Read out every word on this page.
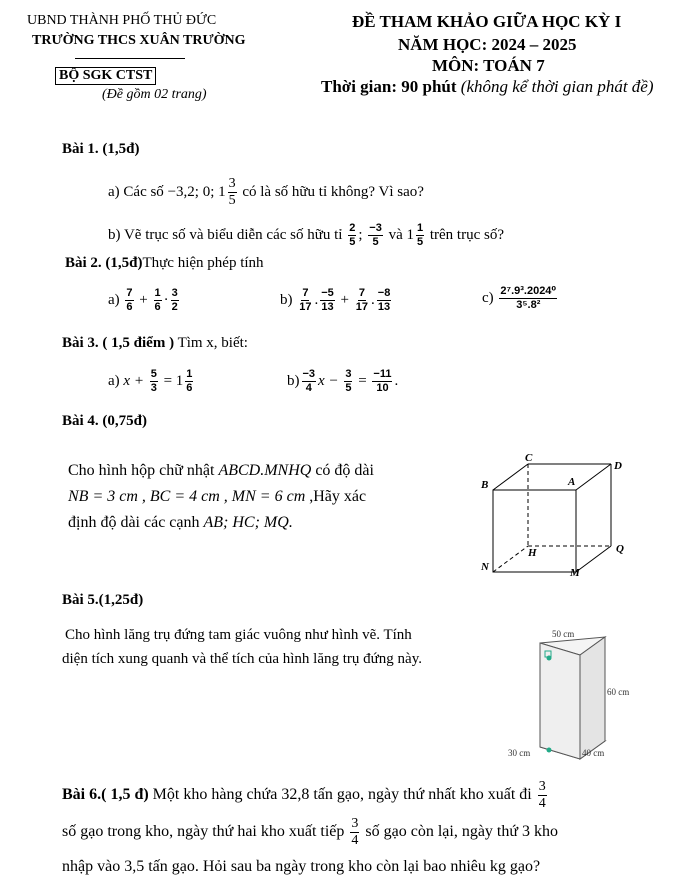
UBND THÀNH PHỐ THỦ ĐỨC
TRƯỜNG THCS XUÂN TRƯỜNG
BỘ SGK CTST
(Đề gồm 02 trang)
ĐỀ THAM KHẢO GIỮA HỌC KỲ I
NĂM HỌC: 2024 – 2025
MÔN: TOÁN 7
Thời gian: 90 phút (không kể thời gian phát đề)
Bài 1. (1,5đ)
a) Các số −3,2; 0; $1 \frac{3}{5}$ có là số hữu tỉ không? Vì sao?
b) Vẽ trục số và biểu diễn các số hữu tỉ $\frac{2}{5}$ ; $\frac{-3}{5}$ và $1 \frac{1}{5}$ trên trục số?
Bài 2. (1,5đ)Thực hiện phép tính
$a) \frac{7}{6} + \frac{1}{6} \cdot \frac{3}{2}$	$b) \frac{7}{17}$ . $\frac{-5}{13} + \frac{7}{17}$ . $\frac{-8}{13}$	$c) \frac{\text{2⁷.9³.2024⁰}}{\text{3⁵.8²}}$
Bài 3. ( 1,5 điểm ) Tìm x, biết:
a) $x + \frac{5}{3} = 1 \frac{1}{6}$	$b) \frac{-3}{4}$ $x - \frac{3}{5} = \frac{-11}{10}$ .
Bài 4. (0,75đ)
Cho hình hộp chữ nhật ABCD.MNHQ có độ dài
NB = 3 cm , BC = 4 cm , MN = 6 cm ,Hãy xác
định độ dài các cạnh AB; HC; MQ.
C
D
B	A
H	Q
N	M
Bài 5.(1,25đ)
Cho hình lăng trụ đứng tam giác vuông như hình vẽ. Tính
diện tích xung quanh và thể tích của hình lăng trụ đứng này.
50 cm
60 cm
30 cm	40 cm
Bài 6.( 1,5 đ) Một kho hàng chứa 32,8 tấn gạo, ngày thứ nhất kho xuất đi $\frac{3}{4}$
số gạo trong kho, ngày thứ hai kho xuất tiếp $\frac{3}{4}$ số gạo còn lại, ngày thứ 3 kho
nhập vào 3,5 tấn gạo. Hỏi sau ba ngày trong kho còn lại bao nhiêu kg gạo?
